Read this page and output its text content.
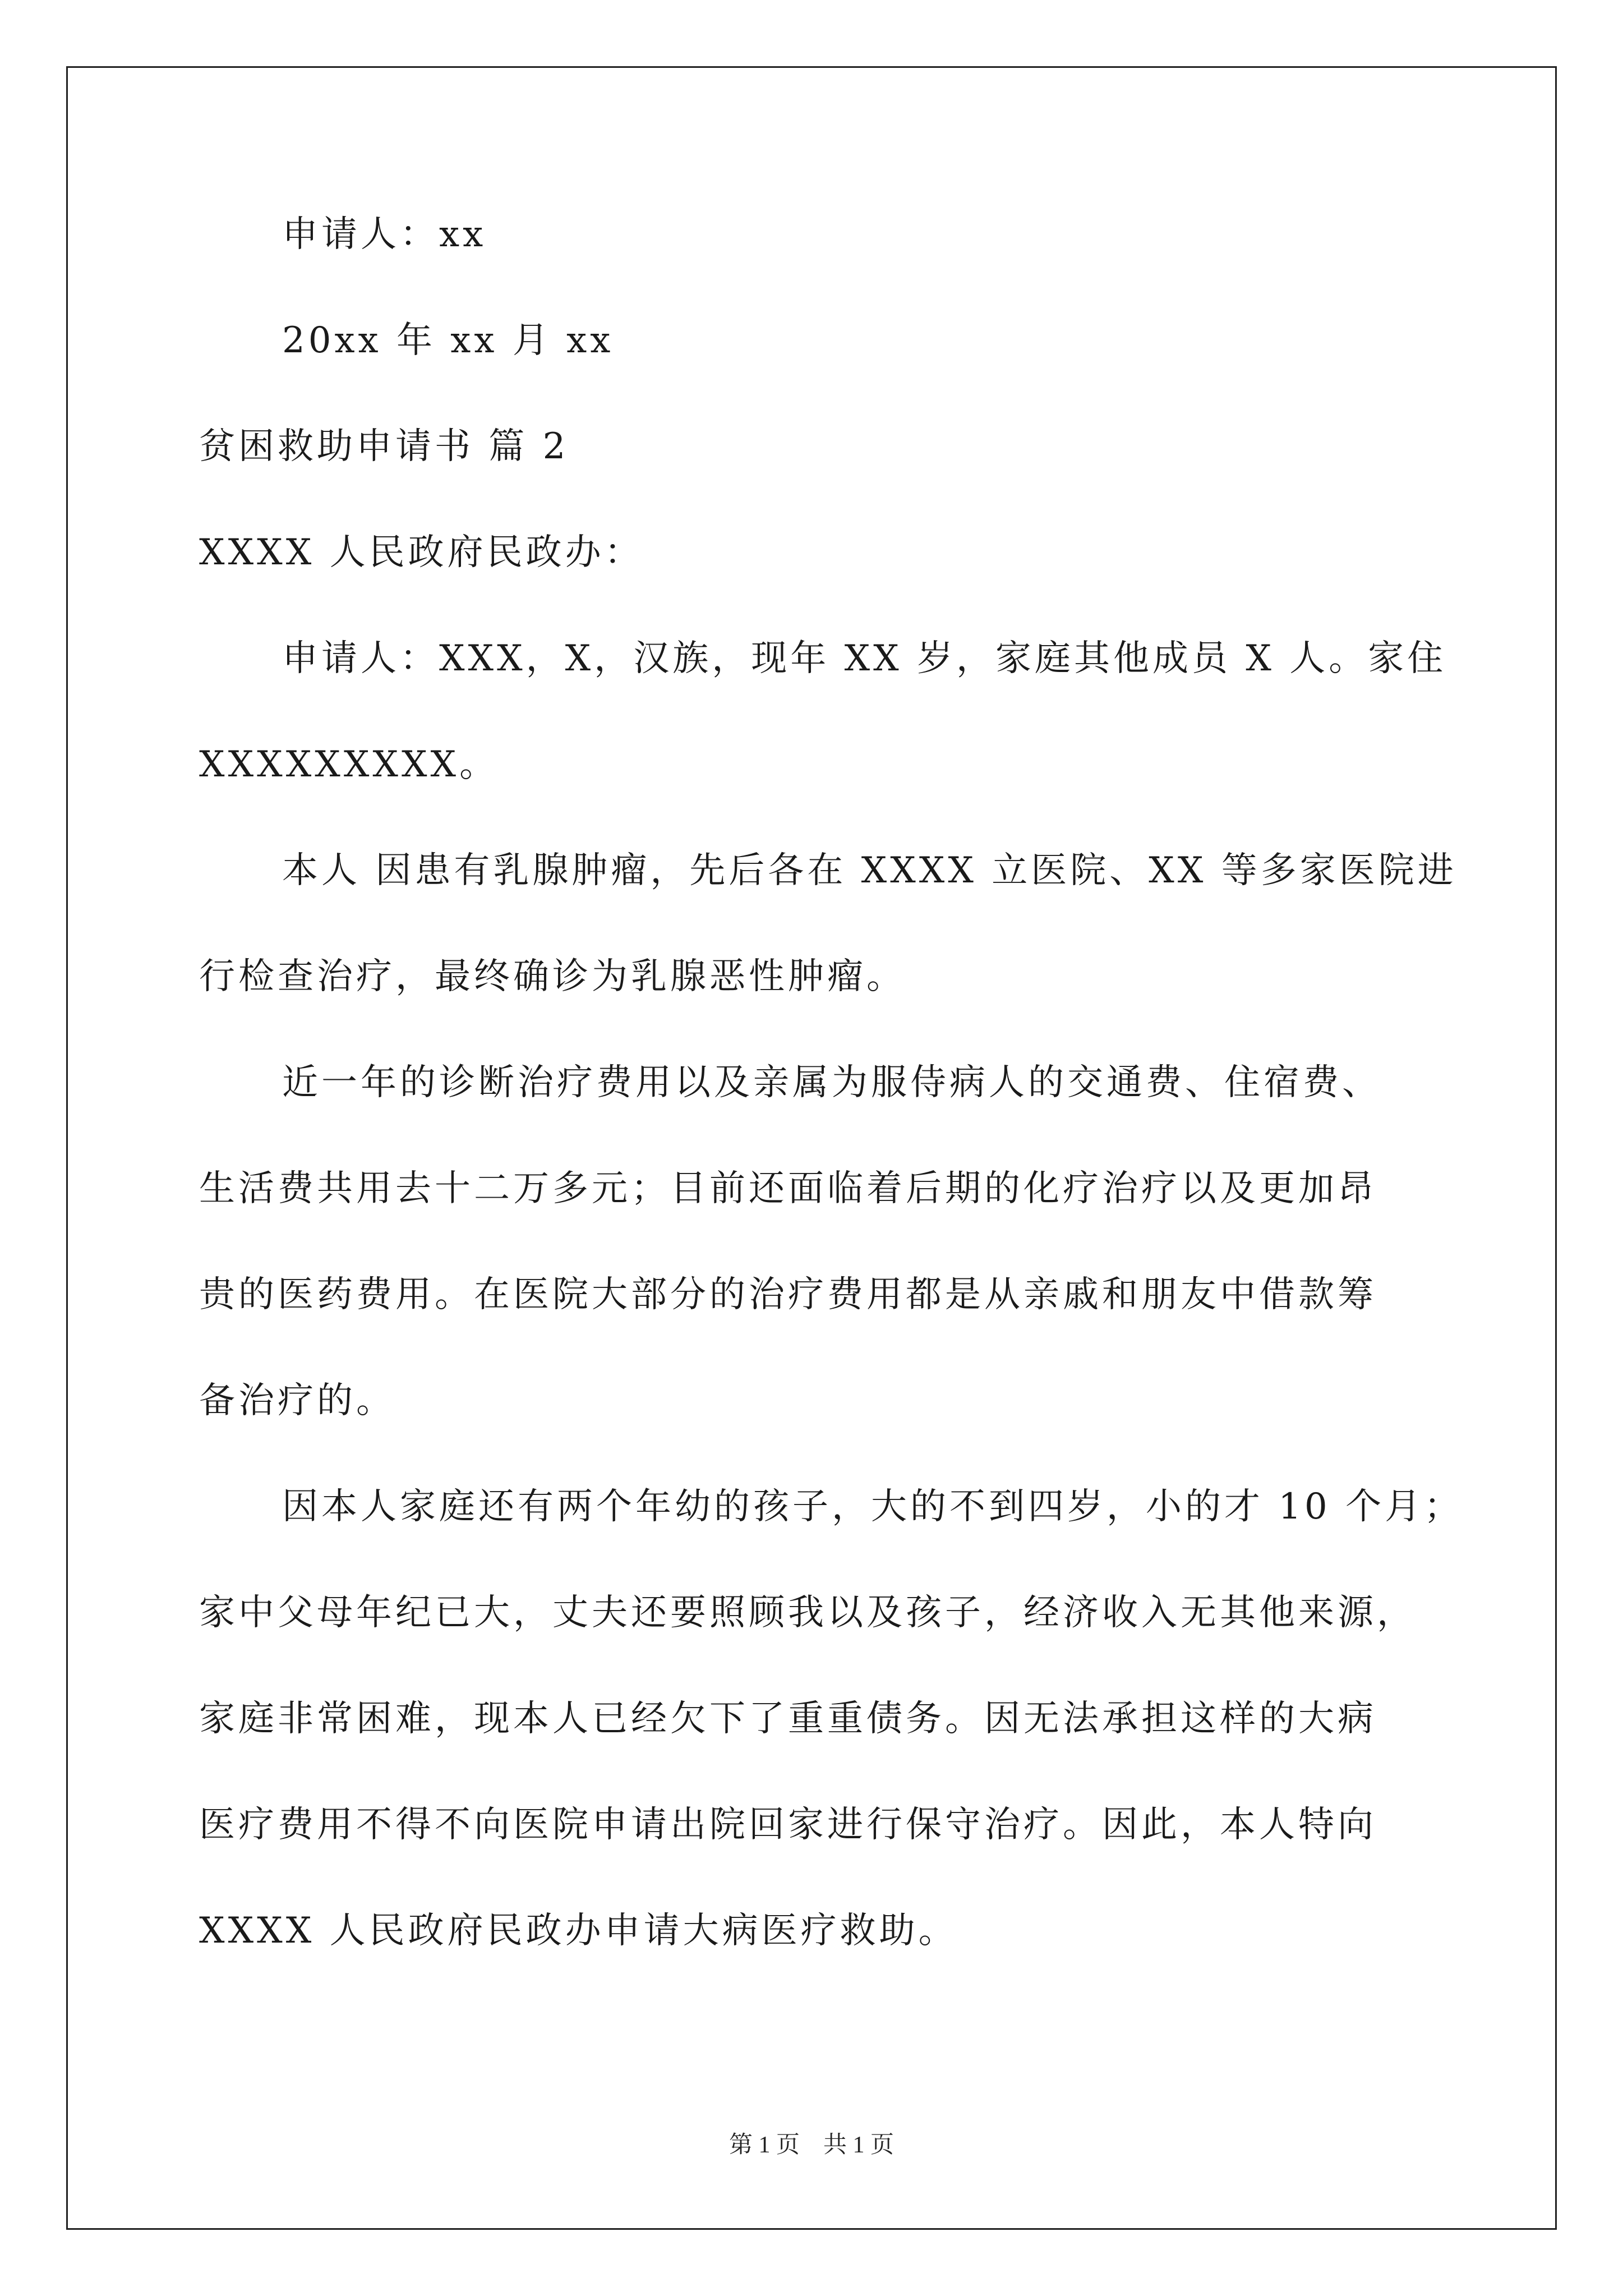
申请人：xx
20xx 年 xx 月 xx
贫困救助申请书 篇 2
XXXX 人民政府民政办：
申请人：XXX，X，汉族，现年 XX 岁，家庭其他成员 X 人。家住
XXXXXXXXX。
本人 因患有乳腺肿瘤，先后各在 XXXX 立医院、XX 等多家医院进
行检查治疗，最终确诊为乳腺恶性肿瘤。
近一年的诊断治疗费用以及亲属为服侍病人的交通费、住宿费、
生活费共用去十二万多元；目前还面临着后期的化疗治疗以及更加昂
贵的医药费用。在医院大部分的治疗费用都是从亲戚和朋友中借款筹
备治疗的。
因本人家庭还有两个年幼的孩子，大的不到四岁，小的才 10 个月；
家中父母年纪已大，丈夫还要照顾我以及孩子，经济收入无其他来源，
家庭非常困难，现本人已经欠下了重重债务。因无法承担这样的大病
医疗费用不得不向医院申请出院回家进行保守治疗。因此，本人特向
XXXX 人民政府民政办申请大病医疗救助。
第 1 页    共 1 页
